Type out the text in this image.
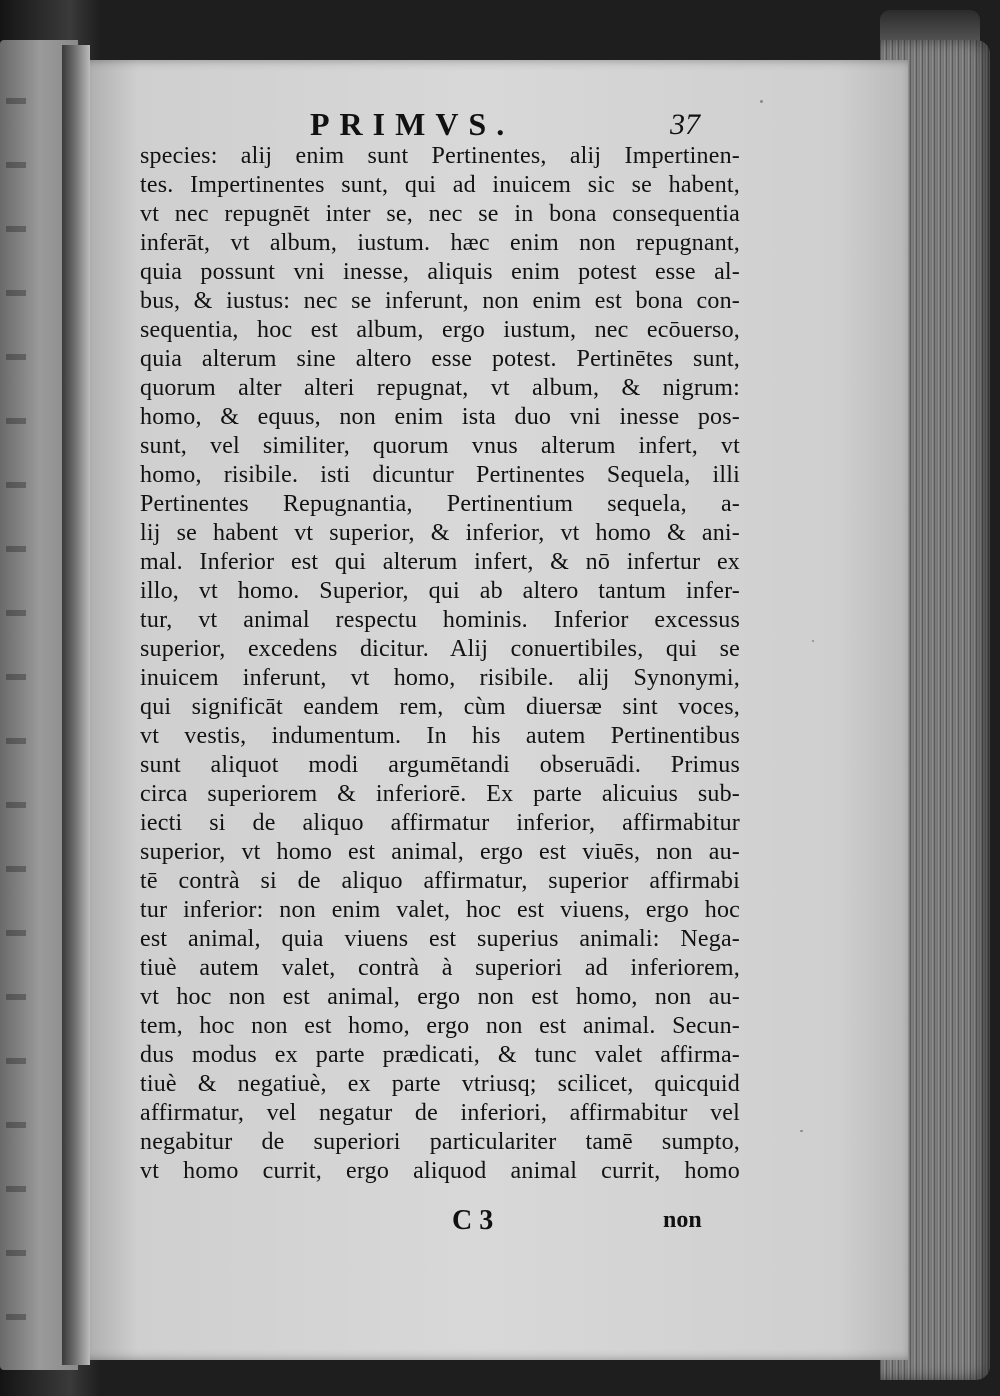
PRIMVS.	37
species: alij enim sunt Pertinentes, alij Impertinen-
tes. Impertinentes sunt, qui ad inuicem sic se habent,
vt nec repugnēt inter se, nec se in bona consequentia
inferāt, vt album, iustum. hæc enim non repugnant,
quia possunt vni inesse, aliquis enim potest esse al-
bus, & iustus: nec se inferunt, non enim est bona con-
sequentia, hoc est album, ergo iustum, nec ecōuerso,
quia alterum sine altero esse potest. Pertinētes sunt,
quorum alter alteri repugnat, vt album, & nigrum:
homo, & equus, non enim ista duo vni inesse pos-
sunt, vel similiter, quorum vnus alterum infert, vt
homo, risibile. isti dicuntur Pertinentes Sequela, illi
Pertinentes Repugnantia, Pertinentium sequela, a-
lij se habent vt superior, & inferior, vt homo & ani-
mal. Inferior est qui alterum infert, & nō infertur ex
illo, vt homo. Superior, qui ab altero tantum infer-
tur, vt animal respectu hominis. Inferior excessus
superior, excedens dicitur. Alij conuertibiles, qui se
inuicem inferunt, vt homo, risibile. alij Synonymi,
qui significāt eandem rem, cùm diuersæ sint voces,
vt vestis, indumentum. In his autem Pertinentibus
sunt aliquot modi argumētandi obseruādi. Primus
circa superiorem & inferiorē. Ex parte alicuius sub-
iecti si de aliquo affirmatur inferior, affirmabitur
superior, vt homo est animal, ergo est viuēs, non au-
tē contrà si de aliquo affirmatur, superior affirmabi
tur inferior: non enim valet, hoc est viuens, ergo hoc
est animal, quia viuens est superius animali: Nega-
tiuè autem valet, contrà à superiori ad inferiorem,
vt hoc non est animal, ergo non est homo, non au-
tem, hoc non est homo, ergo non est animal. Secun-
dus modus ex parte prædicati, & tunc valet affirma-
tiuè & negatiuè, ex parte vtriusq; scilicet, quicquid
affirmatur, vel negatur de inferiori, affirmabitur vel
negabitur de superiori particulariter tamē sumpto,
vt homo currit, ergo aliquod animal currit, homo
C 3	non
